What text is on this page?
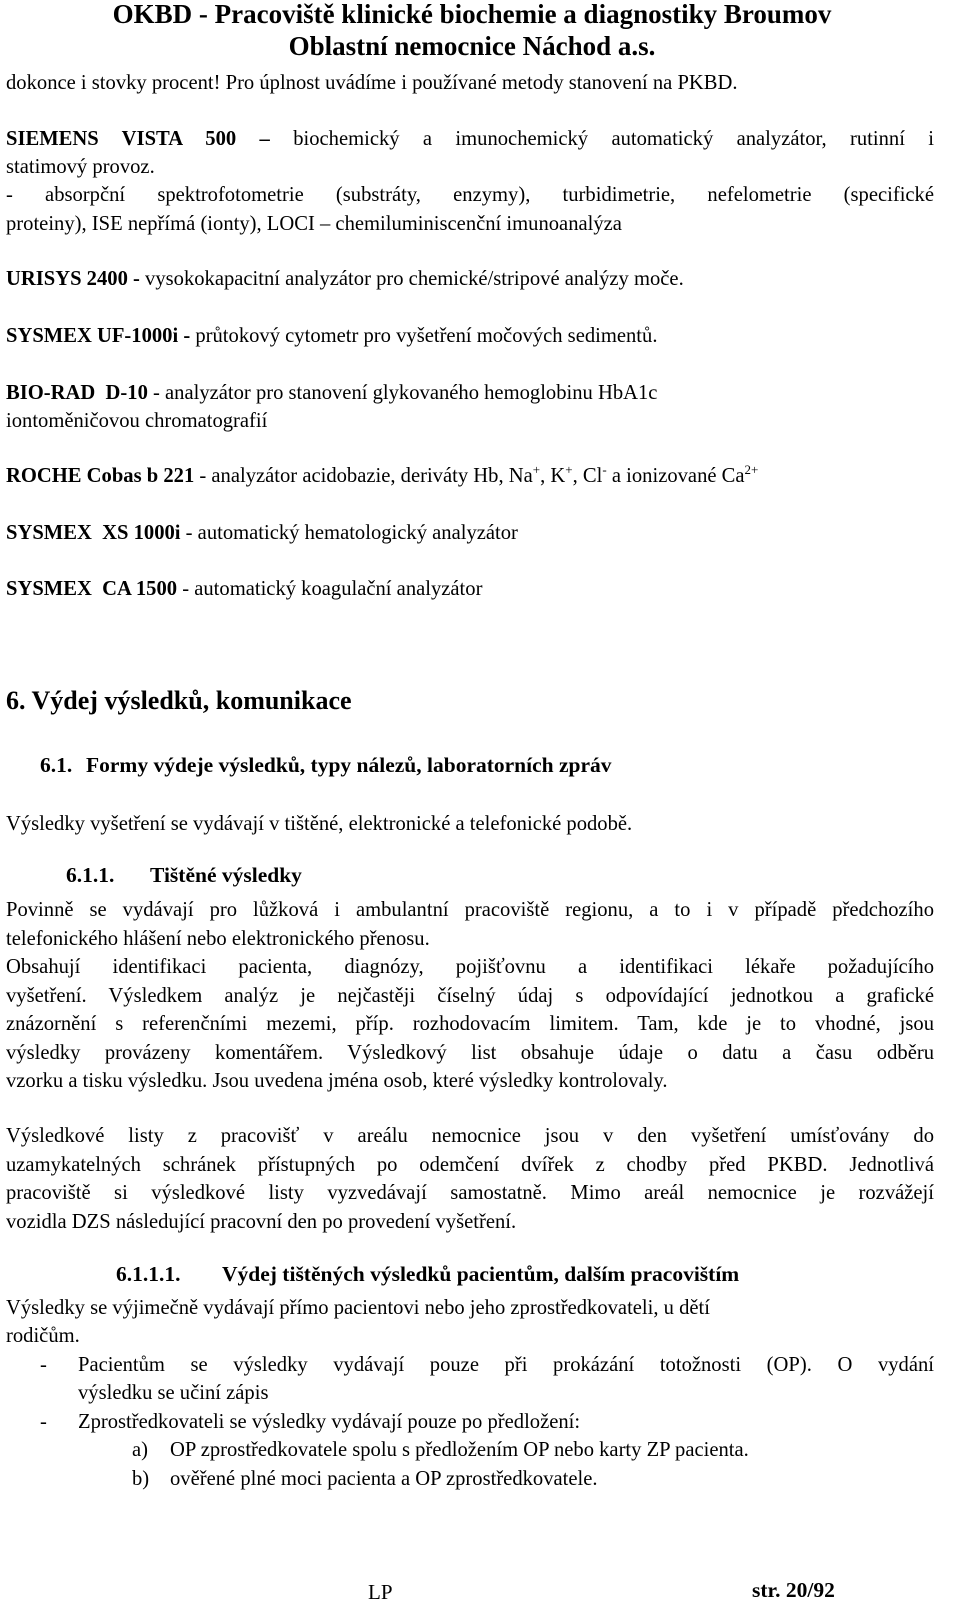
OKBD - Pracoviště klinické biochemie a diagnostiky Broumov
Oblastní nemocnice Náchod a.s.
dokonce i stovky procent! Pro úplnost uvádíme i používané metody stanovení na PKBD.
SIEMENS VISTA 500 – biochemický a imunochemický automatický analyzátor, rutinní i
statimový provoz.
- absorpční spektrofotometrie (substráty, enzymy), turbidimetrie, nefelometrie (specifické
proteiny), ISE nepřímá (ionty), LOCI – chemiluminiscenční imunoanalýza
URISYS 2400 - vysokokapacitní analyzátor pro chemické/stripové analýzy moče.
SYSMEX UF-1000i - průtokový cytometr pro vyšetření močových sedimentů.
BIO-RAD  D-10 - analyzátor pro stanovení glykovaného hemoglobinu HbA1c
iontoměničovou chromatografií
ROCHE Cobas b 221 - analyzátor acidobazie, deriváty Hb, Na+, K+, Cl- a ionizované $Ca^{2+}$
SYSMEX  XS 1000i - automatický hematologický analyzátor
SYSMEX  CA 1500 - automatický koagulační analyzátor
6. Výdej výsledků, komunikace
6.1. Formy výdeje výsledků, typy nálezů, laboratorních zpráv
Výsledky vyšetření se vydávají v tištěné, elektronické a telefonické podobě.
6.1.1. Tištěné výsledky
Povinně se vydávají pro lůžková i ambulantní pracoviště regionu, a to i v případě předchozího
telefonického hlášení nebo elektronického přenosu.
Obsahují identifikaci pacienta, diagnózy, pojišťovnu a identifikaci lékaře požadujícího
vyšetření. Výsledkem analýz je nejčastěji číselný údaj s odpovídající jednotkou a grafické
znázornění s referenčními mezemi, příp. rozhodovacím limitem. Tam, kde je to vhodné, jsou
výsledky provázeny komentářem. Výsledkový list obsahuje údaje o datu a času odběru
vzorku a tisku výsledku. Jsou uvedena jména osob, které výsledky kontrolovaly.
Výsledkové listy z pracovišť v areálu nemocnice jsou v den vyšetření umísťovány do
uzamykatelných schránek přístupných po odemčení dvířek z chodby před PKBD. Jednotlivá
pracoviště si výsledkové listy vyzvedávají samostatně. Mimo areál nemocnice je rozvážejí
vozidla DZS následující pracovní den po provedení vyšetření.
6.1.1.1. Výdej tištěných výsledků pacientům, dalším pracovištím
Výsledky se výjimečně vydávají přímo pacientovi nebo jeho zprostředkovateli, u dětí
rodičům.
- Pacientům se výsledky vydávají pouze při prokázání totožnosti (OP). O vydání
výsledku se učiní zápis
- Zprostředkovateli se výsledky vydávají pouze po předložení:
a) OP zprostředkovatele spolu s předložením OP nebo karty ZP pacienta.
b) ověřené plné moci pacienta a OP zprostředkovatele.
LP	str. 20/92
